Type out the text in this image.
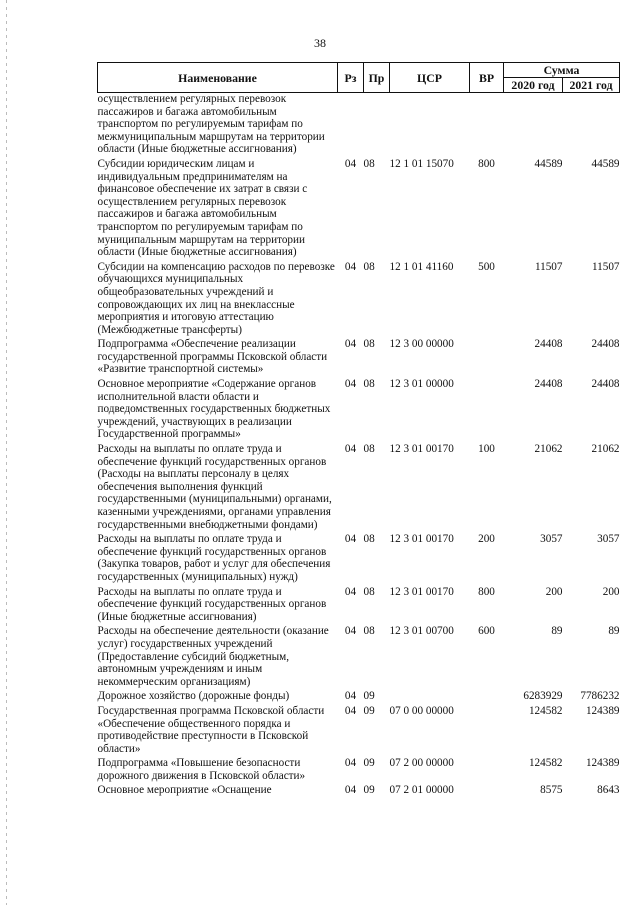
38
Наименование	Рз	Пр	ЦСР	ВР	Сумма	
					2020 год	2021 год
осуществлением регулярных перевозок пассажиров и багажа автомобильным транспортом по регулируемым тарифам по межмуниципальным маршрутам на территории области (Иные бюджетные ассигнования)						
Субсидии юридическим лицам и индивидуальным предпринимателям на финансовое обеспечение их затрат в связи с осуществлением регулярных перевозок пассажиров и багажа автомобильным транспортом по регулируемым тарифам по муниципальным маршрутам на территории области (Иные бюджетные ассигнования)	04	08	12 1 01 15070	800	44589	44589
Субсидии на компенсацию расходов по перевозке обучающихся муниципальных общеобразовательных учреждений и сопровождающих их лиц на внеклассные мероприятия и итоговую аттестацию (Межбюджетные трансферты)	04	08	12 1 01 41160	500	11507	11507
Подпрограмма «Обеспечение реализации государственной программы Псковской области «Развитие транспортной системы»	04	08	12 3 00 00000		24408	24408
Основное мероприятие «Содержание органов исполнительной власти области и подведомственных государственных бюджетных учреждений, участвующих в реализации Государственной программы»	04	08	12 3 01 00000		24408	24408
Расходы на выплаты по оплате труда и обеспечение функций государственных органов (Расходы на выплаты персоналу в целях обеспечения выполнения функций государственными (муниципальными) органами, казенными учреждениями, органами управления государственными внебюджетными фондами)	04	08	12 3 01 00170	100	21062	21062
Расходы на выплаты по оплате труда и обеспечение функций государственных органов (Закупка товаров, работ и услуг для обеспечения государственных (муниципальных) нужд)	04	08	12 3 01 00170	200	3057	3057
Расходы на выплаты по оплате труда и обеспечение функций государственных органов (Иные бюджетные ассигнования)	04	08	12 3 01 00170	800	200	200
Расходы на обеспечение деятельности (оказание услуг) государственных учреждений (Предоставление субсидий бюджетным, автономным учреждениям и иным некоммерческим организациям)	04	08	12 3 01 00700	600	89	89
Дорожное хозяйство (дорожные фонды)	04	09			6283929	7786232
Государственная программа Псковской области «Обеспечение общественного порядка и противодействие преступности в Псковской области»	04	09	07 0 00 00000		124582	124389
Подпрограмма «Повышение безопасности дорожного движения в Псковской области»	04	09	07 2 00 00000		124582	124389
Основное мероприятие «Оснащение	04	09	07 2 01 00000		8575	8643
